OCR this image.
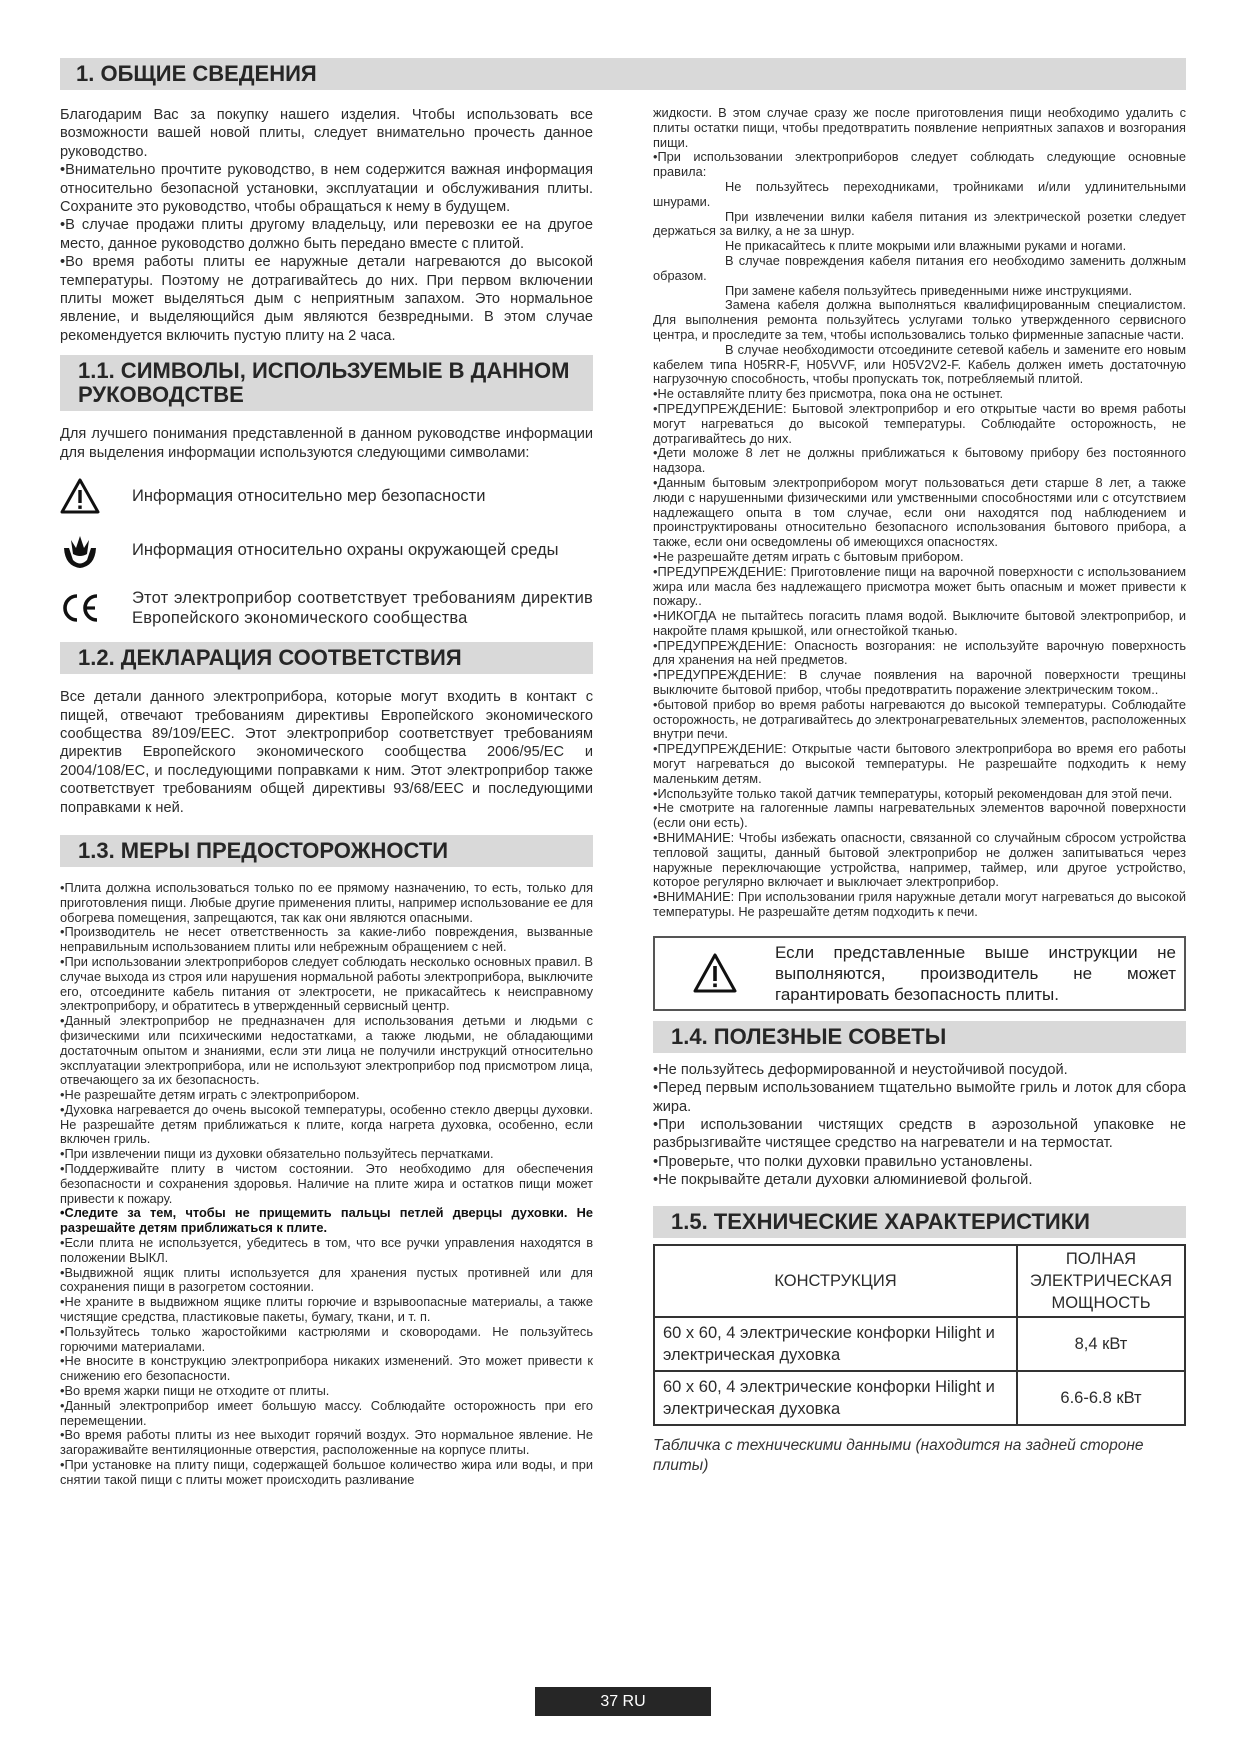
1. ОБЩИЕ СВЕДЕНИЯ

Благодарим Вас за покупку нашего изделия. Чтобы использовать все возможности вашей новой плиты, следует внимательно прочесть данное руководство.

•Внимательно прочтите руководство, в нем содержится важная информация относительно безопасной установки, эксплуатации и обслуживания плиты. Сохраните это руководство, чтобы обращаться к нему в будущем.

•В случае продажи плиты другому владельцу, или перевозки ее на другое место, данное руководство должно быть передано вместе с плитой.

•Во время работы плиты ее наружные детали нагреваются до высокой температуры. Поэтому не дотрагивайтесь до них. При первом включении плиты может выделяться дым с неприятным запахом. Это нормальное явление, и выделяющийся дым являются безвредными. В этом случае рекомендуется включить пустую плиту на 2 часа.

1.1. СИМВОЛЫ, ИСПОЛЬЗУЕМЫЕ В ДАННОМ РУКОВОДСТВЕ

Для лучшего понимания представленной в данном руководстве информации для выделения информации используются следующими символами:

Информация относительно мер безопасности
Информация относительно охраны окружающей среды
Этот электроприбор соответствует требованиям директив Европейского экономического сообщества
1.2. ДЕКЛАРАЦИЯ СООТВЕТСТВИЯ

Все детали данного электроприбора, которые могут входить в контакт с пищей, отвечают требованиям директивы Европейского экономического сообщества 89/109/EEC. Этот электроприбор соответствует требованиям директив Европейского экономического сообщества 2006/95/EC и 2004/108/EC, и последующими поправками к ним. Этот электроприбор также соответствует требованиям общей директивы 93/68/EEC и последующими поправками к ней.

1.3. МЕРЫ ПРЕДОСТОРОЖНОСТИ

•Плита должна использоваться только по ее прямому назначению, то есть, только для приготовления пищи. Любые другие применения плиты, например использование ее для обогрева помещения, запрещаются, так как они являются опасными.

•Производитель не несет ответственность за какие-либо повреждения, вызванные неправильным использованием плиты или небрежным обращением с ней.

•При использовании электроприборов следует соблюдать несколько основных правил. В случае выхода из строя или нарушения нормальной работы электроприбора, выключите его, отсоедините кабель питания от электросети, не прикасайтесь к неисправному электроприбору, и обратитесь в утвержденный сервисный центр.

•Данный электроприбор не предназначен для использования детьми и людьми с физическими или психическими недостатками, а также людьми, не обладающими достаточным опытом и знаниями, если эти лица не получили инструкций относительно эксплуатации электроприбора, или не используют электроприбор под присмотром лица, отвечающего за их безопасность.

•Не разрешайте детям играть с электроприбором.

•Духовка нагревается до очень высокой температуры, особенно стекло дверцы духовки. Не разрешайте детям приближаться к плите, когда нагрета духовка, особенно, если включен гриль.

•При извлечении пищи из духовки обязательно пользуйтесь перчатками.

•Поддерживайте плиту в чистом состоянии. Это необходимо для обеспечения безопасности и сохранения здоровья. Наличие на плите жира и остатков пищи может привести к пожару.

•Следите за тем, чтобы не прищемить пальцы петлей дверцы духовки. Не разрешайте детям приближаться к плите.

•Если плита не используется, убедитесь в том, что все ручки управления находятся в положении ВЫКЛ.

•Выдвижной ящик плиты используется для хранения пустых противней или для сохранения пищи в разогретом состоянии.

•Не храните в выдвижном ящике плиты горючие и взрывоопасные материалы, а также чистящие средства, пластиковые пакеты, бумагу, ткани, и т. п.

•Пользуйтесь только жаростойкими кастрюлями и сковородами. Не пользуйтесь горючими материалами.

•Не вносите в конструкцию электроприбора никаких изменений. Это может привести к снижению его безопасности.

•Во время жарки пищи не отходите от плиты.

•Данный электроприбор имеет большую массу. Соблюдайте осторожность при его перемещении.

•Во время работы плиты из нее выходит горячий воздух. Это нормальное явление. Не загораживайте вентиляционные отверстия, расположенные на корпусе плиты.

•При установке на плиту пищи, содержащей большое количество жира или воды, и при снятии такой пищи с плиты может происходить разливание

жидкости. В этом случае сразу же после приготовления пищи необходимо удалить с плиты остатки пищи, чтобы предотвратить появление неприятных запахов и возгорания пищи.

•При использовании электроприборов следует соблюдать следующие основные правила:

Не пользуйтесь переходниками, тройниками и/или удлинительными шнурами.

При извлечении вилки кабеля питания из электрической розетки следует держаться за вилку, а не за шнур.

Не прикасайтесь к плите мокрыми или влажными руками и ногами.

В случае повреждения кабеля питания его необходимо заменить должным образом.

При замене кабеля пользуйтесь приведенными ниже инструкциями.

Замена кабеля должна выполняться квалифицированным специалистом. Для выполнения ремонта пользуйтесь услугами только утвержденного сервисного центра, и проследите за тем, чтобы использовались только фирменные запасные части.

В случае необходимости отсоедините сетевой кабель и замените его новым кабелем типа H05RR-F, H05VVF, или H05V2V2-F. Кабель должен иметь достаточную нагрузочную способность, чтобы пропускать ток, потребляемый плитой.

•Не оставляйте плиту без присмотра, пока она не остынет.

•ПРЕДУПРЕЖДЕНИЕ: Бытовой электроприбор и его открытые части во время работы могут нагреваться до высокой температуры. Соблюдайте осторожность, не дотрагивайтесь до них.

•Дети моложе 8 лет не должны приближаться к бытовому прибору без постоянного надзора.

•Данным бытовым электроприбором могут пользоваться дети старше 8 лет, а также люди с нарушенными физическими или умственными способностями или с отсутствием надлежащего опыта в том случае, если они находятся под наблюдением и проинструктированы относительно безопасного использования бытового прибора, а также, если они осведомлены об имеющихся опасностях.

•Не разрешайте детям играть с бытовым прибором.

•ПРЕДУПРЕЖДЕНИЕ: Приготовление пищи на варочной поверхности с использованием жира или масла без надлежащего присмотра может быть опасным и может привести к пожару..

•НИКОГДА не пытайтесь погасить пламя водой. Выключите бытовой электроприбор, и накройте пламя крышкой, или огнестойкой тканью.

•ПРЕДУПРЕЖДЕНИЕ: Опасность возгорания: не используйте варочную поверхность для хранения на ней предметов.

•ПРЕДУПРЕЖДЕНИЕ: В случае появления на варочной поверхности трещины выключите бытовой прибор, чтобы предотвратить поражение электрическим током..

•бытовой прибор во время работы нагреваются до высокой температуры. Соблюдайте осторожность, не дотрагивайтесь до электронагревательных элементов, расположенных внутри печи.

•ПРЕДУПРЕЖДЕНИЕ: Открытые части бытового электроприбора во время его работы могут нагреваться до высокой температуры. Не разрешайте подходить к нему маленьким детям.

•Используйте только такой датчик температуры, который рекомендован для этой печи.

•Не смотрите на галогенные лампы нагревательных элементов варочной поверхности (если они есть).

•ВНИМАНИЕ: Чтобы избежать опасности, связанной со случайным сбросом устройства тепловой защиты, данный бытовой электроприбор не должен запитываться через наружные переключающие устройства, например, таймер, или другое устройство, которое регулярно включает и выключает электроприбор.

•ВНИМАНИЕ: При использовании гриля наружные детали могут нагреваться до высокой температуры. Не разрешайте детям подходить к печи.

Если представленные выше инструкции не выполняются, производитель не может гарантировать безопасность плиты.
1.4. ПОЛЕЗНЫЕ СОВЕТЫ

•Не пользуйтесь деформированной и неустойчивой посудой.

•Перед первым использованием тщательно вымойте гриль и лоток для сбора жира.

•При использовании чистящих средств в аэрозольной упаковке не разбрызгивайте чистящее средство на нагреватели и на термостат.

•Проверьте, что полки духовки правильно установлены.

•Не покрывайте детали духовки алюминиевой фольгой.

1.5. ТЕХНИЧЕСКИЕ ХАРАКТЕРИСТИКИ
КОНСТРУКЦИЯ	ПОЛНАЯ ЭЛЕКТРИЧЕСКАЯ МОЩНОСТЬ
60 x 60, 4 электрические конфорки Hilight и электрическая духовка	8,4 кВт
60 x 60, 4 электрические конфорки Hilight и электрическая духовка	6.6-6.8 кВт
Табличка с техническими данными (находится на задней стороне плиты)
37 RU
